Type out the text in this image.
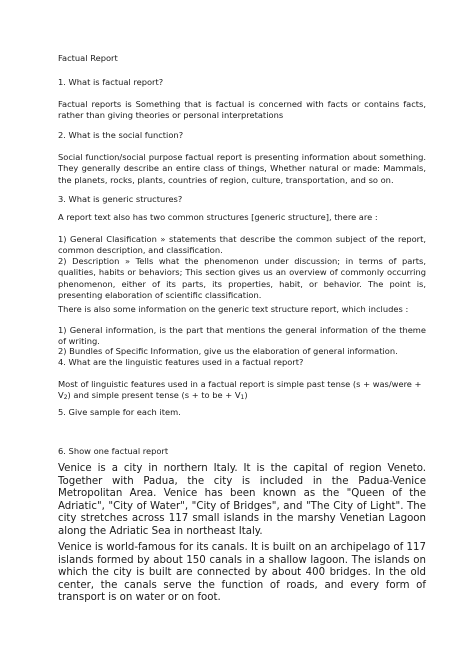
Factual Report

1. What is factual report?

Factual reports is Something that is factual is concerned with facts or contains facts, rather than giving theories or personal interpretations

2. What is the social function?

Social function/social purpose factual report is presenting information about something. They generally describe an entire class of things, Whether natural or made: Mammals, the planets, rocks, plants, countries of region, culture, transportation, and so on.

3. What is generic structures?

A report text also has two common structures [generic structure], there are :

1) General Clasification » statements that describe the common subject of the report, common description, and classification.

2) Description » Tells what the phenomenon under discussion; in terms of parts, qualities, habits or behaviors; This section gives us an overview of commonly occurring phenomenon, either of its parts, its properties, habit, or behavior. The point is, presenting elaboration of scientific classification.

There is also some information on the generic text structure report, which includes :

1) General information, is the part that mentions the general information of the theme of writing.

2) Bundles of Specific Information, give us the elaboration of general information.

4. What are the linguistic features used in a factual report?

Most of linguistic features used in a factual report is simple past tense (s + was/were + $V_2$) and simple present tense (s + to be + $V_1$)

5. Give sample for each item.

6. Show one factual report

Venice is a city in northern Italy. It is the capital of region Veneto. Together with Padua, the city is included in the Padua-Venice Metropolitan Area. Venice has been known as the "Queen of the Adriatic", "City of Water", "City of Bridges", and "The City of Light". The city stretches across 117 small islands in the marshy Venetian Lagoon along the Adriatic Sea in northeast Italy.

Venice is world-famous for its canals. It is built on an archipelago of 117 islands formed by about 150 canals in a shallow lagoon. The islands on which the city is built are connected by about 400 bridges. In the old center, the canals serve the function of roads, and every form of transport is on water or on foot.
